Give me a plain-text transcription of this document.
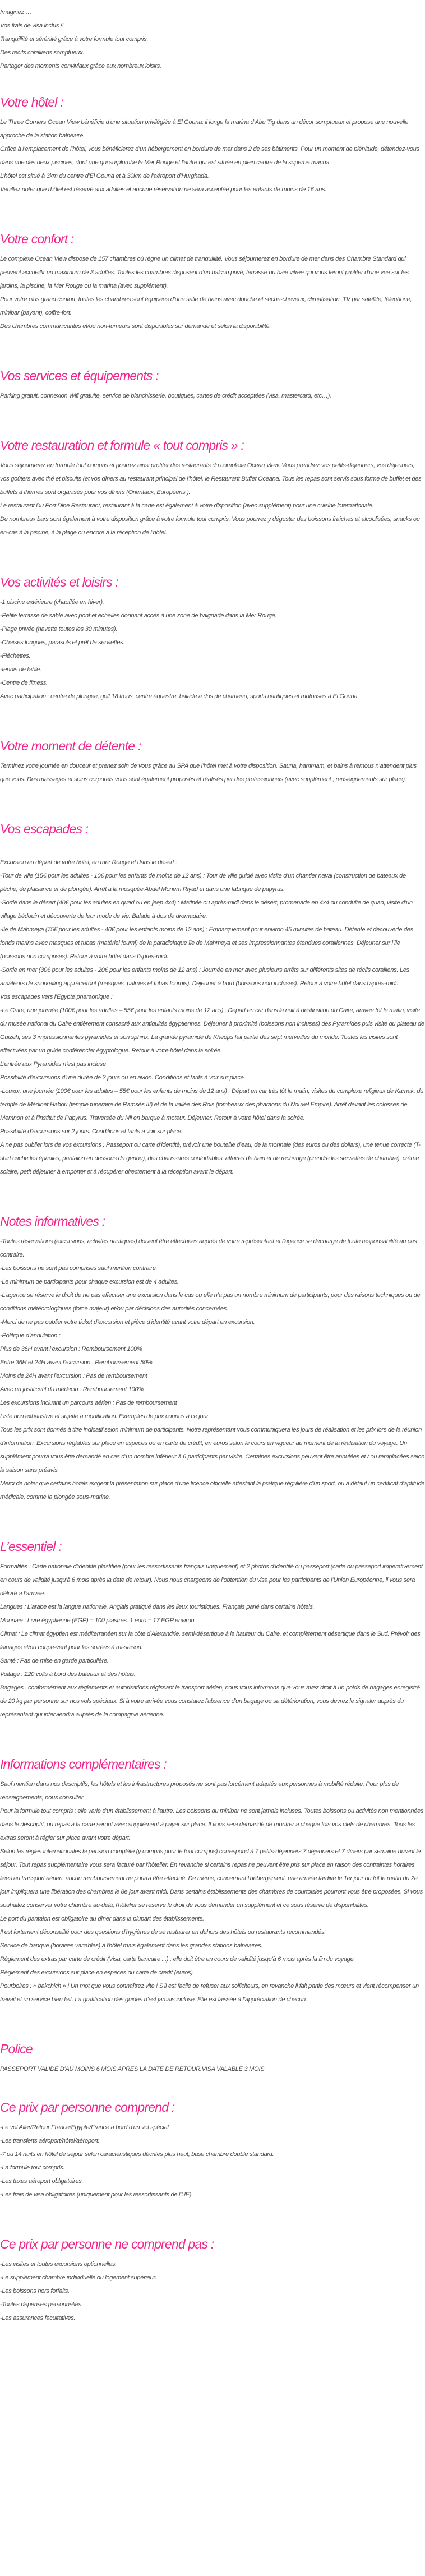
Imaginez …

Vos frais de visa inclus !!

Tranquillité et sérénité grâce à votre formule tout compris.

Des récifs coralliens somptueux.

Partager des moments conviviaux grâce aux nombreux loisirs.

Votre hôtel :

Le Three Corners Ocean View bénéficie d’une situation privilégiée à El Gouna; il longe la marina d’Abu Tig dans un décor somptueux et propose une nouvelle approche de la station balnéaire.

Grâce à l’emplacement de l’hôtel, vous bénéficierez d’un hébergement en bordure de mer dans 2 de ses bâtiments. Pour un moment de plénitude, détendez-vous dans une des deux piscines, dont une qui surplombe la Mer Rouge et l’autre qui est située en plein centre de la superbe marina.

L’hôtel est situé à 3km du centre d’El Gouna et à 30km de l’aéroport d’Hurghada.

Veuillez noter que l'hôtel est réservé aux adultes et aucune réservation ne sera acceptée pour les enfants de moins de 16 ans.

Votre confort :

Le complexe Ocean View dispose de 157 chambres où règne un climat de tranquillité. Vous séjournerez en bordure de mer dans des Chambre Standard qui peuvent accueillir un maximum de 3 adultes. Toutes les chambres disposent d’un balcon privé, terrasse ou baie vitrée qui vous feront profiter d’une vue sur les jardins, la piscine, la Mer Rouge ou la marina (avec supplément).

Pour votre plus grand confort, toutes les chambres sont équipées d’une salle de bains avec douche et sèche-cheveux, climatisation, TV par satellite, téléphone, minibar (payant), coffre-fort.

Des chambres communicantes et/ou non-fumeurs sont disponibles sur demande et selon la disponibilité.

Vos services et équipements :

Parking gratuit, connexion Wifi gratuite, service de blanchisserie, boutiques, cartes de crédit acceptées (visa, mastercard, etc…).

Votre restauration et formule « tout compris » :

Vous séjournerez en formule tout compris et pourrez ainsi profiter des restaurants du complexe Ocean View. Vous prendrez vos petits-déjeuners, vos déjeuners, vos goûters avec thé et biscuits (et vos dîners au restaurant principal de l’hôtel, le Restaurant Buffet Oceana. Tous les repas sont servis sous forme de buffet et des buffets à thèmes sont organisés pour vos dîners (Orientaux, Européens,).

Le restaurant Du Port Dine Restaurant, restaurant à la carte est également à votre disposition (avec supplément) pour une cuisine internationale.

De nombreux bars sont également à votre disposition grâce à votre formule tout compris. Vous pourrez y déguster des boissons fraîches et alcoolisées, snacks ou en-cas à la piscine, à la plage ou encore à la réception de l’hôtel.

Vos activités et loisirs :

-1 piscine extérieure (chauffée en hiver).

-Petite terrasse de sable avec pont et échelles donnant accès à une zone de baignade dans la Mer Rouge.

-Plage privée (navette toutes les 30 minutes).

-Chaises longues, parasols et prêt de serviettes.

-Fléchettes.

-tennis de table.

-Centre de fitness.

Avec participation : centre de plongée, golf 18 trous, centre équestre, balade à dos de chameau, sports nautiques et motorisés à El Gouna.

Votre moment de détente :

Terminez votre journée en douceur et prenez soin de vous grâce au SPA que l’hôtel met à votre disposition. Sauna, hammam, et bains à remous n’attendent plus que vous. Des massages et soins corporels vous sont également proposés et réalisés par des professionnels (avec supplément ; renseignements sur place).

Vos escapades :

Excursion au départ de votre hôtel, en mer Rouge et dans le désert :

-Tour de ville (15€ pour les adultes - 10€ pour les enfants de moins de 12 ans) : Tour de ville guidé avec visite d’un chantier naval (construction de bateaux de pêche, de plaisance et de plongée). Arrêt à la mosquée Abdel Monem Riyad et dans une fabrique de papyrus.

-Sortie dans le désert (40€ pour les adultes en quad ou en jeep 4x4) : Matinée ou après-midi dans le désert, promenade en 4x4 ou conduite de quad, visite d’un village bédouin et découverte de leur mode de vie. Balade à dos de dromadaire.

-Ile de Mahmeya (75€ pour les adultes - 40€ pour les enfants moins de 12 ans) : Embarquement pour environ 45 minutes de bateau. Détente et découverte des fonds marins avec masques et tubas (matériel fourni) de la paradisiaque île de Mahmeya et ses impressionnantes étendues coralliennes. Déjeuner sur l’île (boissons non comprises). Retour à votre hôtel dans l’après-midi.

-Sortie en mer (30€ pour les adultes - 20€ pour les enfants moins de 12 ans) : Journée en mer avec plusieurs arrêts sur différents sites de récifs coralliens. Les amateurs de snorkelling apprécieront (masques, palmes et tubas fournis). Déjeuner à bord (boissons non incluses). Retour à votre hôtel dans l’après-midi.

Vos escapades vers l’Egypte pharaonique :

-Le Caire, une journée (100€ pour les adultes – 55€ pour les enfants moins de 12 ans) : Départ en car dans la nuit à destination du Caire, arrivée tôt le matin, visite du musée national du Caire entièrement consacré aux antiquités égyptiennes. Déjeuner à proximité (boissons non incluses) des Pyramides puis visite du plateau de Guizeh, ses 3 impressionnantes pyramides et son sphinx. La grande pyramide de Kheops fait partie des sept merveilles du monde. Toutes les visites sont effectuées par un guide conférencier égyptologue. Retour à votre hôtel dans la soirée.

L’entrée aux Pyramides n’est pas incluse

Possibilité d’excursions d’une durée de 2 jours ou en avion. Conditions et tarifs à voir sur place.

-Louxor, une journée (100€ pour les adultes – 55€ pour les enfants de moins de 12 ans) : Départ en car très tôt le matin, visites du complexe religieux de Karnak, du temple de Médinet Habou (temple funéraire de Ramsès III) et de la vallée des Rois (tombeaux des pharaons du Nouvel Empire). Arrêt devant les colosses de Memnon et à l’institut de Papyrus. Traversée du Nil en barque à moteur. Déjeuner. Retour à votre hôtel dans la soirée.

Possibilité d’excursions sur 2 jours. Conditions et tarifs à voir sur place.

A ne pas oublier lors de vos excursions : Passeport ou carte d’identité, prévoir une bouteille d’eau, de la monnaie (des euros ou des dollars), une tenue correcte (T-shirt cache les épaules, pantalon en dessous du genou), des chaussures confortables, affaires de bain et de rechange (prendre les serviettes de chambre), crème solaire, petit déjeuner à emporter et à récupérer directement à la réception avant le départ.

Notes informatives :

-Toutes réservations (excursions, activités nautiques) doivent être effectuées auprès de votre représentant et l’agence se décharge de toute responsabilité au cas contraire.

-Les boissons ne sont pas comprises sauf mention contraire.

-Le minimum de participants pour chaque excursion est de 4 adultes.

-L’agence se réserve le droit de ne pas effectuer une excursion dans le cas ou elle n’a pas un nombre minimum de participants, pour des raisons techniques ou de conditions météorologiques (force majeur) et/ou par décisions des autorités concernées.

-Merci de ne pas oublier votre ticket d’excursion et pièce d’identité avant votre départ en excursion.

-Politique d’annulation :

Plus de 36H avant l’excursion : Remboursement 100%

Entre 36H et 24H avant l’excursion : Remboursement 50%

Moins de 24H avant l’excursion : Pas de remboursement

Avec un justificatif du médecin : Remboursement 100%

Les excursions incluant un parcours aérien : Pas de remboursement

Liste non exhaustive et sujette à modification. Exemples de prix connus à ce jour.

Tous les prix sont donnés à titre indicatif selon minimum de participants. Notre représentant vous communiquera les jours de réalisation et les prix lors de la réunion d’information. Excursions réglables sur place en espèces ou en carte de crédit, en euros selon le cours en vigueur au moment de la réalisation du voyage. Un supplément pourra vous être demandé en cas d’un nombre inférieur à 6 participants par visite. Certaines excursions peuvent être annulées et / ou remplacées selon la saison sans préavis.

Merci de noter que certains hôtels exigent la présentation sur place d'une licence officielle attestant la pratique régulière d'un sport, ou à défaut un certificat d'aptitude médicale, comme la plongée sous-marine.

L’essentiel :

Formalités : Carte nationale d’identité plastifiée (pour les ressortissants français uniquement) et 2 photos d’identité ou passeport (carte ou passeport impérativement en cours de validité jusqu’à 6 mois après la date de retour). Nous nous chargeons de l’obtention du visa pour les participants de l’Union Européenne, il vous sera délivré à l’arrivée.

Langues : L’arabe est la langue nationale. Anglais pratiqué dans les lieux touristiques. Français parlé dans certains hôtels.

Monnaie : Livre égyptienne (EGP) = 100 piastres. 1 euro = 17 EGP environ.

Climat : Le climat égyptien est méditerranéen sur la côte d'Alexandrie, semi-désertique à la hauteur du Caire, et complètement désertique dans le Sud. Prévoir des lainages et/ou coupe-vent pour les soirées à mi-saison.

Santé : Pas de mise en garde particulière.

Voltage : 220 volts à bord des bateaux et des hôtels.

Bagages : conformément aux règlements et autorisations régissant le transport aérien, nous vous informons que vous avez droit à un poids de bagages enregistré de 20 kg par personne sur nos vols spéciaux. Si à votre arrivée vous constatez l'absence d'un bagage ou sa détérioration, vous devrez le signaler auprès du représentant qui interviendra auprès de la compagnie aérienne.

Informations complémentaires :

Sauf mention dans nos descriptifs, les hôtels et les infrastructures proposés ne sont pas forcément adaptés aux personnes à mobilité réduite. Pour plus de renseignements, nous consulter

Pour la formule tout compris : elle varie d'un établissement à l'autre. Les boissons du minibar ne sont jamais incluses. Toutes boissons ou activités non mentionnées dans le descriptif, ou repas à la carte seront avec supplément à payer sur place. Il vous sera demandé de montrer à chaque fois vos clefs de chambres. Tous les extras seront à régler sur place avant votre départ.

Selon les règles internationales la pension complète (y compris pour le tout compris) correspond à 7 petits-déjeuners 7 déjeuners et 7 dîners par semaine durant le séjour. Tout repas supplémentaire vous sera facturé par l'hôtelier. En revanche si certains repas ne peuvent être pris sur place en raison des contraintes horaires liées au transport aérien, aucun remboursement ne pourra être effectué. De même, concernant l'hébergement, une arrivée tardive le 1er jour ou tôt le matin du 2e jour impliquera une libération des chambres le 8e jour avant midi. Dans certains établissements des chambres de courtoisies pourront vous être proposées. Si vous souhaitez conserver votre chambre au-delà, l'hôtelier se réserve le droit de vous demander un supplément et ce sous réserve de disponibilités.

Le port du pantalon est obligatoire au dîner dans la plupart des établissements.

Il est fortement déconseillé pour des questions d'hygiènes de se restaurer en dehors des hôtels ou restaurants recommandés.

Service de banque (horaires variables) à l'hôtel mais également dans les grandes stations balnéaires.

Règlement des extras par carte de crédit (Visa, carte bancaire ...) : elle doit être en cours de validité jusqu'à 6 mois après la fin du voyage.

Règlement des excursions sur place en espèces ou carte de crédit (euros).

Pourboires : « bakchich » ! Un mot que vous connaîtrez vite ! S’il est facile de refuser aux solliciteurs, en revanche il fait partie des mœurs et vient récompenser un travail et un service bien fait. La gratification des guides n’est jamais incluse. Elle est laissée à l’appréciation de chacun.

Police

PASSEPORT VALIDE D'AU MOINS 6 MOIS APRES LA DATE DE RETOUR.VISA VALABLE 3 MOIS

Ce prix par personne comprend :

-Le vol Aller/Retour France/Egypte/France à bord d'un vol spécial.

-Les transferts aéroport/hôtel/aéroport.

-7 ou 14 nuits en hôtel de séjour selon caractéristiques décrites plus haut, base chambre double standard.

-La formule tout compris.

-Les taxes aéroport obligatoires.

-Les frais de visa obligatoires (uniquement pour les ressortissants de l'UE).

Ce prix par personne ne comprend pas :

-Les visites et toutes excursions optionnelles.

-Le supplément chambre individuelle ou logement supérieur.

-Les boissons hors forfaits.

-Toutes dépenses personnelles.

-Les assurances facultatives.
